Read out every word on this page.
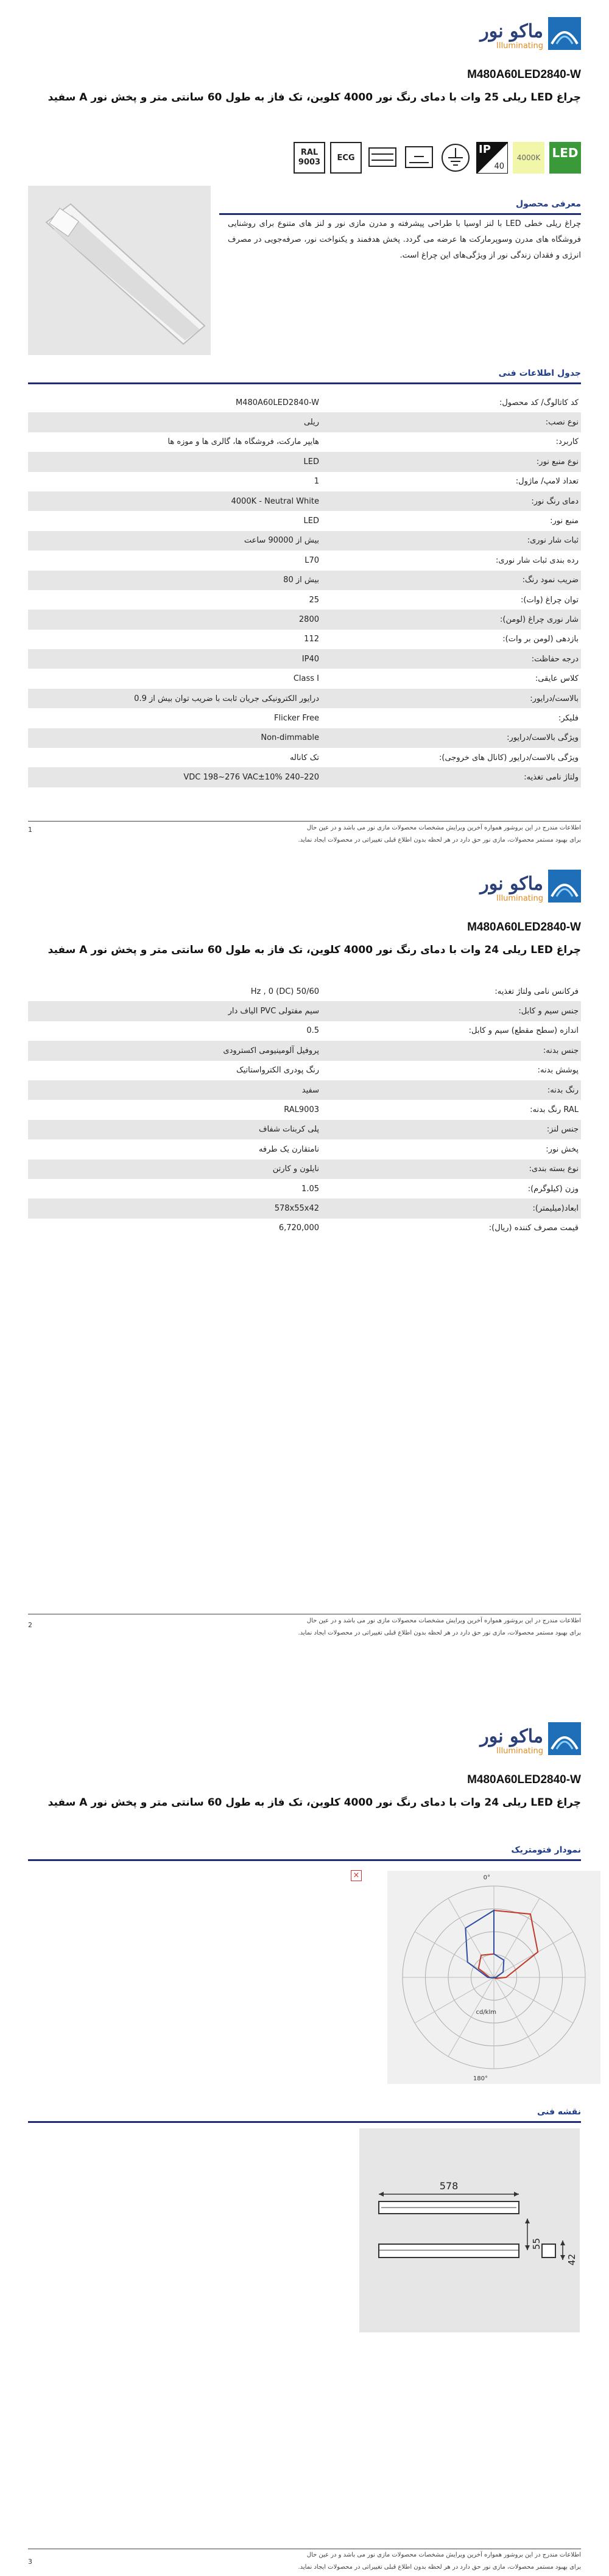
ماکو نور
Illuminating
M480A60LED2840-W
چراغ LED ریلی 25 وات با دمای رنگ نور 4000 کلوین، تک فاز به طول 60 سانتی متر و پخش نور A سفید
RAL
9003	ECG
IP
40
4000K LED
معرفی محصول
چراغ ریلی خطی LED با لنز اوسیا با طراحی پیشرفته و مدرن مازی نور و لنز های متنوع برای روشنایی فروشگاه های مدرن وسوپرمارکت ها عرضه می گردد. پخش هدفمند و یکنواخت نور، صرفه‌جویی در مصرف انرژی و فقدان زندگی نور از ویژگی‌های این چراغ است.
جدول اطلاعات فنی
کد کاتالوگ/ کد محصول:
M480A60LED2840-W
نوع نصب:
ریلی
کاربرد:
هایپر مارکت، فروشگاه ها، گالری ها و موزه ها
نوع منبع نور:
LED
تعداد لامپ/ ماژول:
1
دمای رنگ نور:
4000K - Neutral White
منبع نور:
LED
ثبات شار نوری:
بیش از 90000 ساعت
رده بندی ثبات شار نوری:
L70
ضریب نمود رنگ:
بیش از 80
توان چراغ (وات):
25
شار نوری چراغ (لومن):
2800
بازدهی (لومن بر وات):
112
درجه حفاظت:
IP40
کلاس عایقی:
Class I
بالاست/درایور:
درایور الکترونیکی جریان ثابت با ضریب توان بیش از 0.9
فلیکر:
Flicker Free
ویژگی بالاست/درایور:
Non-dimmable
ویژگی بالاست/درایور (کانال های خروجی):
تک کاناله
ولتاژ نامی تغذیه:
220–240 VDC 198~276 VAC±10%
اطلاعات مندرج در این بروشور همواره آخرین ویرایش مشخصات محصولات مازی نور می باشد و در عین حال
برای بهبود مستمر محصولات، مازی نور حق دارد در هر لحظه بدون اطلاع قبلی تغییراتی در محصولات ایجاد نماید.
1
ماکو نور
Illuminating
M480A60LED2840-W
چراغ LED ریلی 24 وات با دمای رنگ نور 4000 کلوین، تک فاز به طول 60 سانتی متر و پخش نور A سفید
فرکانس نامی ولتاژ تغذیه:
50/60 Hz , 0 (DC)
جنس سیم و کابل:
سیم مفتولی PVC الیاف دار
اندازه (سطح مقطع) سیم و کابل:
0.5
جنس بدنه:
پروفیل آلومینیومی اکسترودی
پوشش بدنه:
رنگ پودری الکترواستاتیک
رنگ بدنه:
سفید
RAL رنگ بدنه:
RAL9003
جنس لنز:
پلی کربنات شفاف
پخش نور:
نامتقارن یک طرفه
نوع بسته بندی:
نایلون و کارتن
وزن (کیلوگرم):
1.05
ابعاد(میلیمتر):
578x55x42
قیمت مصرف کننده (ریال):
6,720,000
اطلاعات مندرج در این بروشور همواره آخرین ویرایش مشخصات محصولات مازی نور می باشد و در عین حال
برای بهبود مستمر محصولات، مازی نور حق دارد در هر لحظه بدون اطلاع قبلی تغییراتی در محصولات ایجاد نماید.
2
ماکو نور
Illuminating
M480A60LED2840-W
چراغ LED ریلی 24 وات با دمای رنگ نور 4000 کلوین، تک فاز به طول 60 سانتی متر و پخش نور A سفید
نمودار فتومتریک
×	0°
180°
cd/klm
نقشه فنی
578
55
42
اطلاعات مندرج در این بروشور همواره آخرین ویرایش مشخصات محصولات مازی نور می باشد و در عین حال
برای بهبود مستمر محصولات، مازی نور حق دارد در هر لحظه بدون اطلاع قبلی تغییراتی در محصولات ایجاد نماید.
3
